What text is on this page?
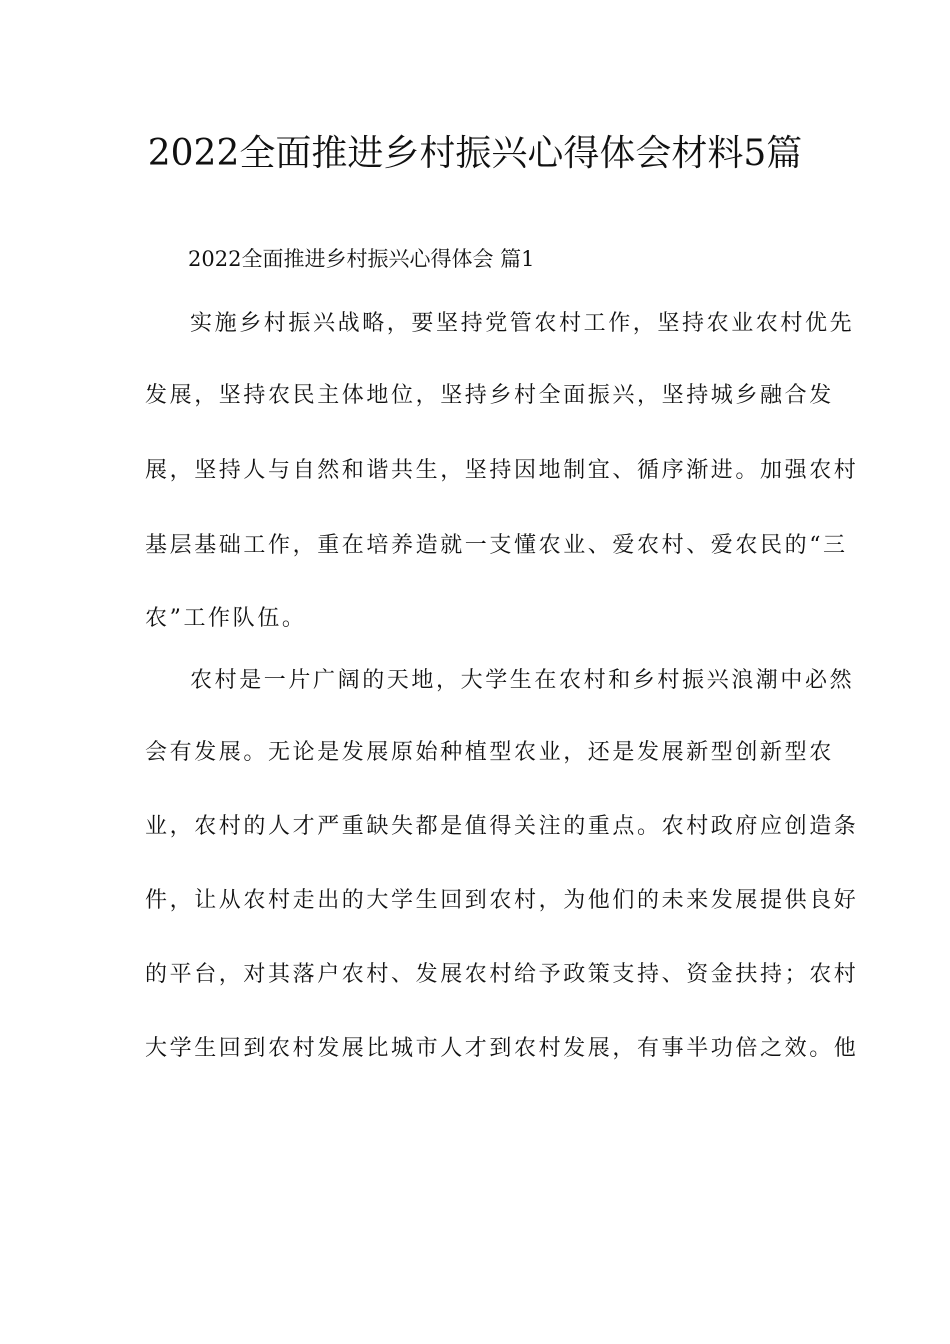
2022全面推进乡村振兴心得体会材料5篇
2022全面推进乡村振兴心得体会 篇1
实施乡村振兴战略，要坚持党管农村工作，坚持农业农村优先
发展，坚持农民主体地位，坚持乡村全面振兴，坚持城乡融合发
展，坚持人与自然和谐共生，坚持因地制宜、循序渐进。加强农村
基层基础工作，重在培养造就一支懂农业、爱农村、爱农民的“三
农”工作队伍。
农村是一片广阔的天地，大学生在农村和乡村振兴浪潮中必然
会有发展。无论是发展原始种植型农业，还是发展新型创新型农
业，农村的人才严重缺失都是值得关注的重点。农村政府应创造条
件，让从农村走出的大学生回到农村，为他们的未来发展提供良好
的平台，对其落户农村、发展农村给予政策支持、资金扶持；农村
大学生回到农村发展比城市人才到农村发展，有事半功倍之效。他
